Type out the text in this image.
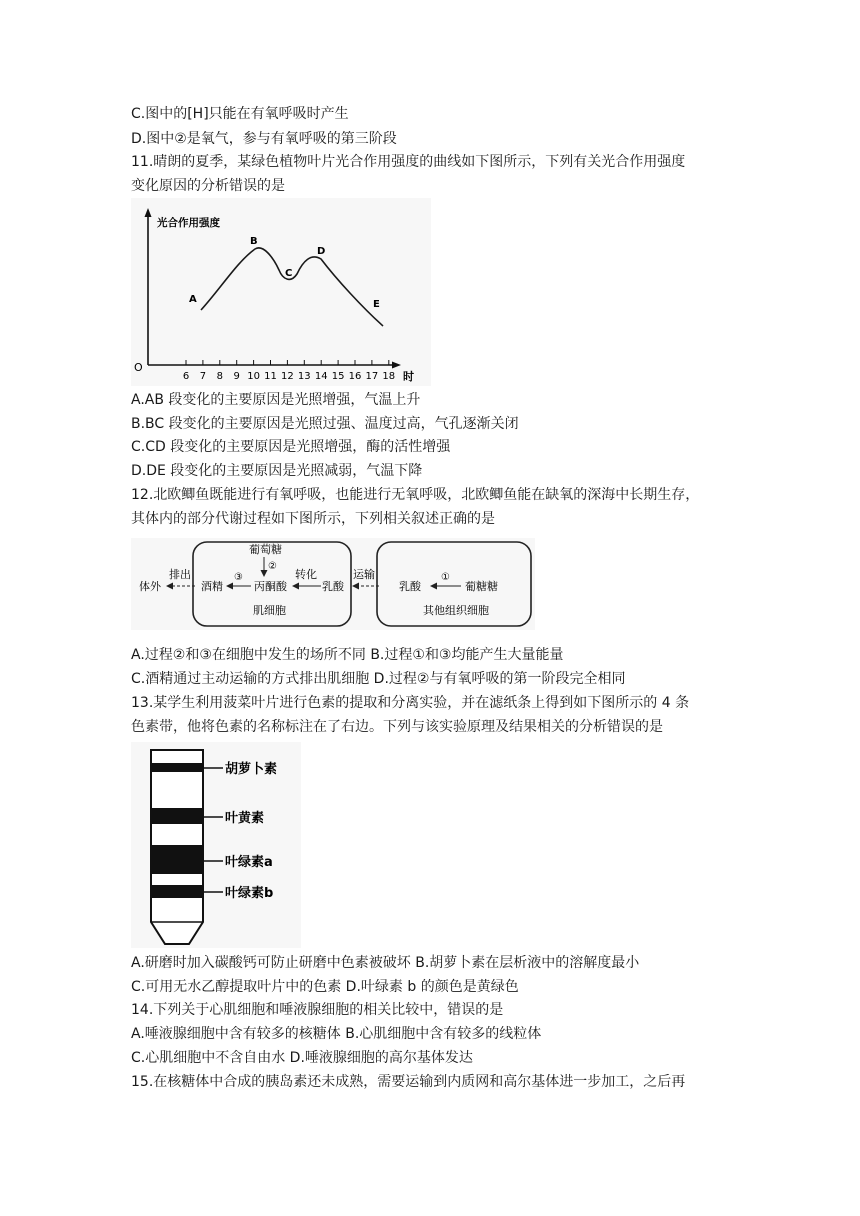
C.图中的[H]只能在有氧呼吸时产生
D.图中②是氧气，参与有氧呼吸的第三阶段
11.晴朗的夏季，某绿色植物叶片光合作用强度的曲线如下图所示，下列有关光合作用强度
变化原因的分析错误的是
光合作用强度
时
O
6 7 8 9 10 11 12 13 14 15 16 17 18
A
B
C
D
E
A.AB 段变化的主要原因是光照增强，气温上升
B.BC 段变化的主要原因是光照过强、温度过高，气孔逐渐关闭
C.CD 段变化的主要原因是光照增强，酶的活性增强
D.DE 段变化的主要原因是光照减弱，气温下降
12.北欧鲫鱼既能进行有氧呼吸，也能进行无氧呼吸，北欧鲫鱼能在缺氧的深海中长期生存，
其体内的部分代谢过程如下图所示，下列相关叙述正确的是
体外
排出
酒精
③
葡萄糖
②
丙酮酸
转化
乳酸
肌细胞
运输
乳酸
①
葡糖糖
其他组织细胞
A.过程②和③在细胞中发生的场所不同 B.过程①和③均能产生大量能量
C.酒精通过主动运输的方式排出肌细胞 D.过程②与有氧呼吸的第一阶段完全相同
13.某学生利用菠菜叶片进行色素的提取和分离实验，并在滤纸条上得到如下图所示的 4 条
色素带，他将色素的名称标注在了右边。下列与该实验原理及结果相关的分析错误的是
胡萝卜素
叶黄素
叶绿素a
叶绿素b
A.研磨时加入碳酸钙可防止研磨中色素被破坏 B.胡萝卜素在层析液中的溶解度最小
C.可用无水乙醇提取叶片中的色素 D.叶绿素 b 的颜色是黄绿色
14.下列关于心肌细胞和唾液腺细胞的相关比较中，错误的是
A.唾液腺细胞中含有较多的核糖体 B.心肌细胞中含有较多的线粒体
C.心肌细胞中不含自由水 D.唾液腺细胞的高尔基体发达
15.在核糖体中合成的胰岛素还未成熟，需要运输到内质网和高尔基体进一步加工，之后再
